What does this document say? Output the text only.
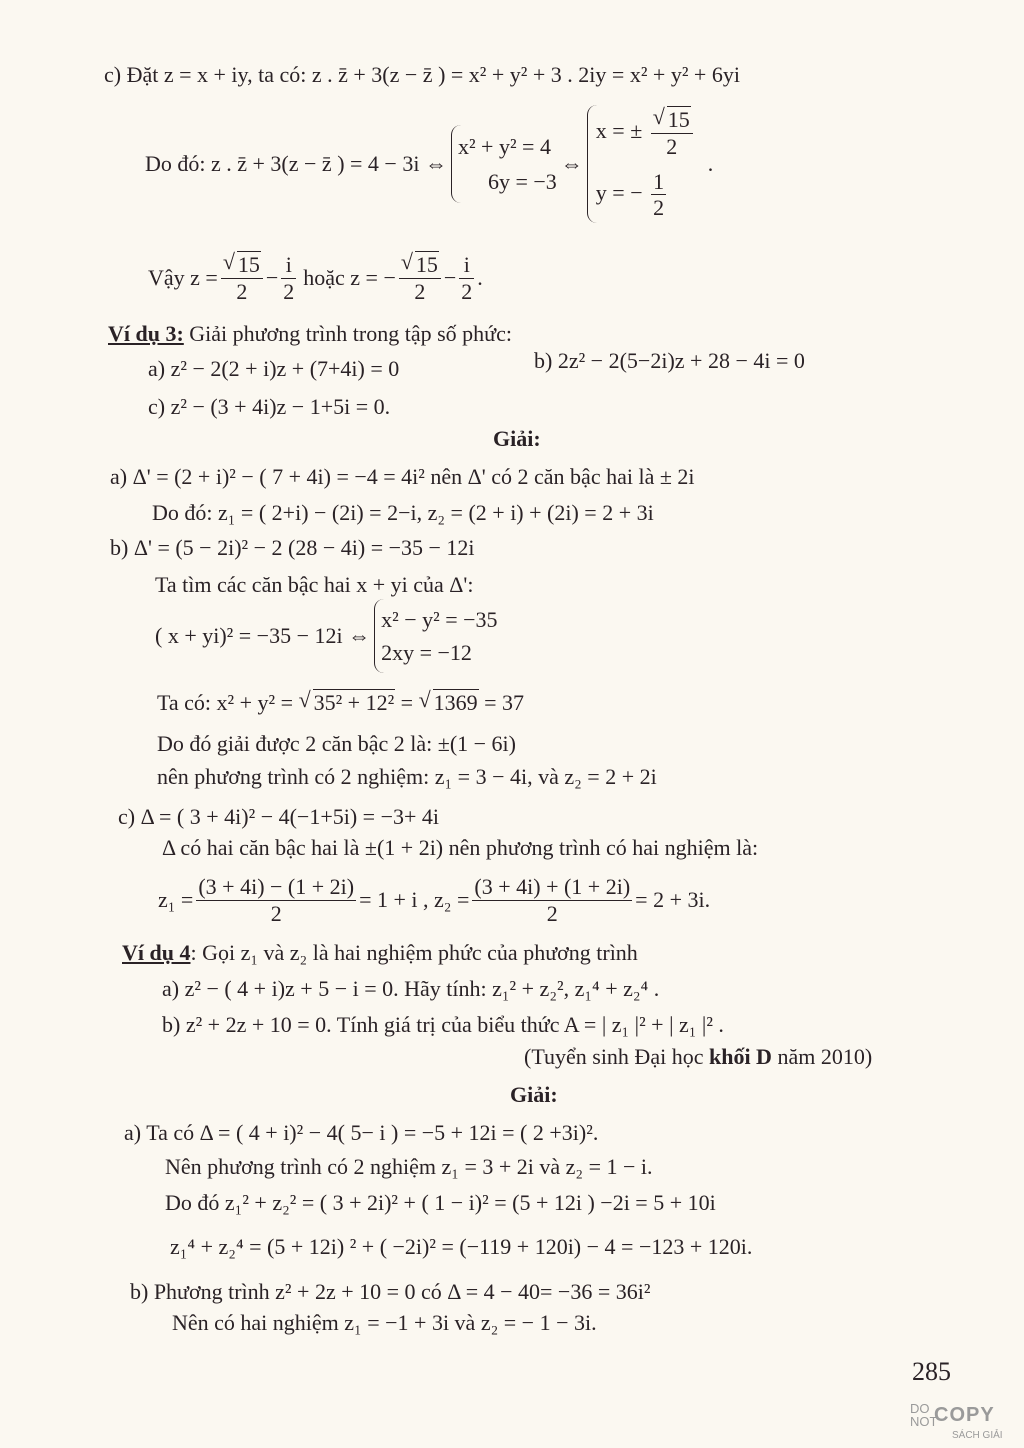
c) Đặt z = x + iy, ta có: z . z̄ + 3(z − z̄ ) = x² + y² + 3 . 2iy = x² + y² + 6yi
Do đó: z . z̄ + 3(z − z̄ ) = 4 − 3i ⇔
x² + y² = 4
6y = −3
⇔
x = ± √ $\frac{15}{2}$
y = − $\frac{1}{2}$
.
Vậy z = √ $\frac{15}{2} - \frac{i}{2}$ hoặc z = − √ $\frac{15}{2} - \frac{i}{2}$ .
Ví dụ 3: Giải phương trình trong tập số phức:
a) z² − 2(2 + i)z + (7+4i) = 0	b) 2z² − 2(5−2i)z + 28 − 4i = 0
c) z² − (3 + 4i)z − 1+5i = 0.
Giải:
a) Δ' = (2 + i)² − ( 7 + 4i) = −4 = 4i² nên Δ' có 2 căn bậc hai là ± 2i
Do đó: z₁ = ( 2+i) − (2i) = 2−i, z₂ = (2 + i) + (2i) = 2 + 3i
b) Δ' = (5 − 2i)² − 2 (28 − 4i) = −35 − 12i
Ta tìm các căn bậc hai x + yi của Δ':
( x + yi)² = −35 − 12i ⇔
x² − y² = −35
2xy = −12
Ta có: x² + y² = √ 35² + 12² = √ 1369 = 37
Do đó giải được 2 căn bậc 2 là: ±(1 − 6i)
nên phương trình có 2 nghiệm: z₁ = 3 − 4i, và z₂ = 2 + 2i
c) Δ = ( 3 + 4i)² − 4(−1+5i) = −3+ 4i
Δ có hai căn bậc hai là ±(1 + 2i) nên phương trình có hai nghiệm là:
$z_1 = \frac{(3 + 4i) - (1 + 2i)}{2} = 1 + i$ , $z_2 = \frac{(3 + 4i) + (1 + 2i)}{2} = 2 + 3i$.
Ví dụ 4: Gọi z₁ và z₂ là hai nghiệm phức của phương trình
a) z² − ( 4 + i)z + 5 − i = 0. Hãy tính: z₁² + z₂², z₁⁴ + z₂⁴ .
b) z² + 2z + 10 = 0. Tính giá trị của biểu thức A = | z₁ |² + | z₁ |² .
(Tuyển sinh Đại học khối D năm 2010)
Giải:
a) Ta có Δ = ( 4 + i)² − 4( 5− i ) = −5 + 12i = ( 2 +3i)².
Nên phương trình có 2 nghiệm z₁ = 3 + 2i và z₂ = 1 − i.
Do đó z₁² + z₂² = ( 3 + 2i)² + ( 1 − i)² = (5 + 12i ) −2i = 5 + 10i
z₁⁴ + z₂⁴ = (5 + 12i) ² + ( −2i)² = (−119 + 120i) − 4 = −123 + 120i.
b) Phương trình z² + 2z + 10 = 0 có Δ = 4 − 40= −36 = 36i²
Nên có hai nghiệm z₁ = −1 + 3i và z₂ = − 1 − 3i.
285
DO
NOT
COPY
SÁCH GIẢI
